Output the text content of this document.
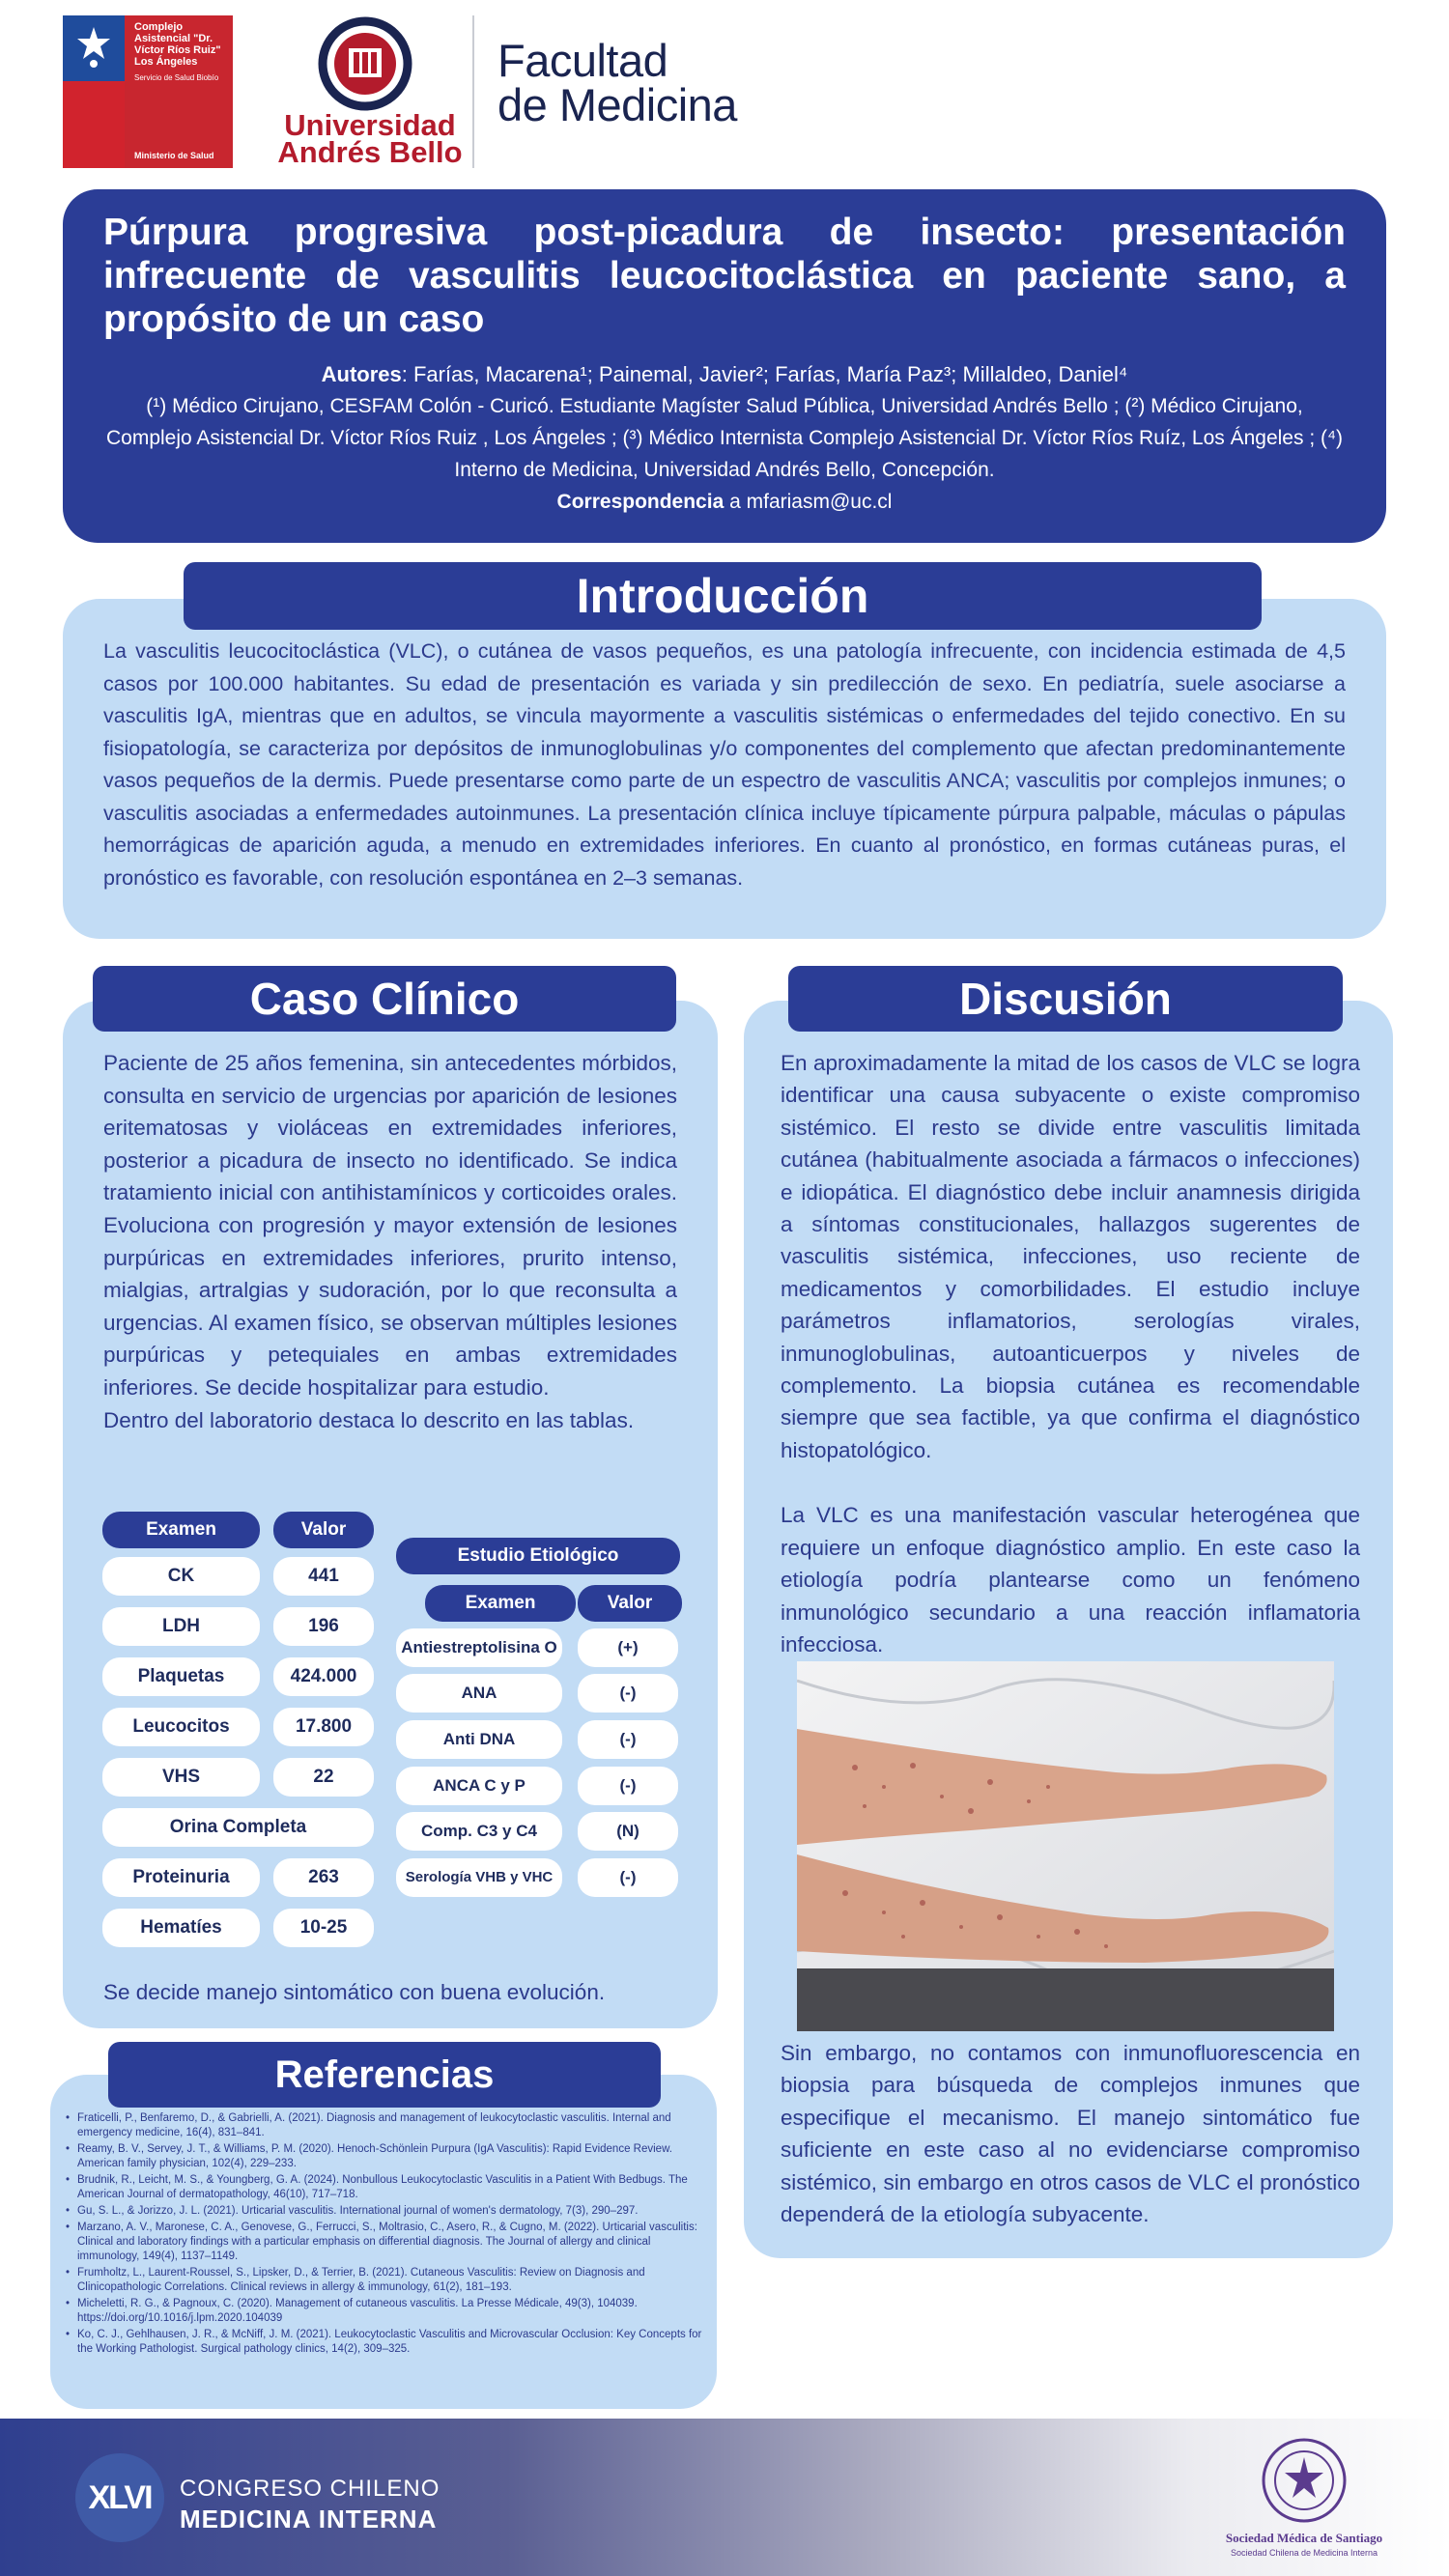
Complejo Asistencial "Dr. Víctor Ríos Ruiz" Los Ángeles
Servicio de Salud Biobío
Ministerio de Salud
Universidad
Andrés Bello
Facultad
de Medicina
Púrpura progresiva post-picadura de insecto: presentación infrecuente de vasculitis leucocitoclástica en paciente sano, a propósito de un caso
Autores: Farías, Macarena¹; Painemal, Javier²; Farías, María Paz³; Millaldeo, Daniel⁴
(¹) Médico Cirujano, CESFAM Colón - Curicó. Estudiante Magíster Salud Pública, Universidad Andrés Bello ; (²) Médico Cirujano, Complejo Asistencial Dr. Víctor Ríos Ruiz , Los Ángeles ; (³) Médico Internista Complejo Asistencial Dr. Víctor Ríos Ruíz, Los Ángeles ; (⁴) Interno de Medicina, Universidad Andrés Bello, Concepción.
Correspondencia a mfariasm@uc.cl

La vasculitis leucocitoclástica (VLC), o cutánea de vasos pequeños, es una patología infrecuente, con incidencia estimada de 4,5 casos por 100.000 habitantes. Su edad de presentación es variada y sin predilección de sexo. En pediatría, suele asociarse a vasculitis IgA, mientras que en adultos, se vincula mayormente a vasculitis sistémicas o enfermedades del tejido conectivo. En su fisiopatología, se caracteriza por depósitos de inmunoglobulinas y/o componentes del complemento que afectan predominantemente vasos pequeños de la dermis. Puede presentarse como parte de un espectro de vasculitis ANCA; vasculitis por complejos inmunes; o vasculitis asociadas a enfermedades autoinmunes. La presentación clínica incluye típicamente púrpura palpable, máculas o pápulas hemorrágicas de aparición aguda, a menudo en extremidades inferiores. En cuanto al pronóstico, en formas cutáneas puras, el pronóstico es favorable, con resolución espontánea en 2–3 semanas.

Introducción

Paciente de 25 años femenina, sin antecedentes mórbidos, consulta en servicio de urgencias por aparición de lesiones eritematosas y violáceas en extremidades inferiores, posterior a picadura de insecto no identificado. Se indica tratamiento inicial con antihistamínicos y corticoides orales. Evoluciona con progresión y mayor extensión de lesiones purpúricas en extremidades inferiores, prurito intenso, mialgias, artralgias y sudoración, por lo que reconsulta a urgencias. Al examen físico, se observan múltiples lesiones purpúricas y petequiales en ambas extremidades inferiores. Se decide hospitalizar para estudio.

Dentro del laboratorio destaca lo descrito en las tablas.

Caso Clínico
Examen	Valor
CK	441
LDH	196
Plaquetas	424.000
Leucocitos	17.800
VHS	22
Orina Completa
Proteinuria	263
Hematíes	10-25
Estudio Etiológico
Examen	Valor
Antiestreptolisina O	(+)
ANA	(-)
Anti DNA	(-)
ANCA C y P	(-)
Comp. C3 y C4	(N)
Serología VHB y VHC	(-)

Se decide manejo sintomático con buena evolución.

En aproximadamente la mitad de los casos de VLC se logra identificar una causa subyacente o existe compromiso sistémico. El resto se divide entre vasculitis limitada cutánea (habitualmente asociada a fármacos o infecciones) e idiopática. El diagnóstico debe incluir anamnesis dirigida a síntomas constitucionales, hallazgos sugerentes de vasculitis sistémica, infecciones, uso reciente de medicamentos y comorbilidades. El estudio incluye parámetros inflamatorios, serologías virales, inmunoglobulinas, autoanticuerpos y niveles de complemento. La biopsia cutánea es recomendable siempre que sea factible, ya que confirma el diagnóstico histopatológico.

La VLC es una manifestación vascular heterogénea que requiere un enfoque diagnóstico amplio. En este caso la etiología podría plantearse como un fenómeno inmunológico secundario a una reacción inflamatoria infecciosa.

Sin embargo, no contamos con inmunofluorescencia en biopsia para búsqueda de complejos inmunes que especifique el mecanismo. El manejo sintomático fue suficiente en este caso al no evidenciarse compromiso sistémico, sin embargo en otros casos de VLC el pronóstico dependerá de la etiología subyacente.

Discusión
• Fraticelli, P., Benfaremo, D., & Gabrielli, A. (2021). Diagnosis and management of leukocytoclastic vasculitis. Internal and emergency medicine, 16(4), 831–841.
• Reamy, B. V., Servey, J. T., & Williams, P. M. (2020). Henoch-Schönlein Purpura (IgA Vasculitis): Rapid Evidence Review. American family physician, 102(4), 229–233.
• Brudnik, R., Leicht, M. S., & Youngberg, G. A. (2024). Nonbullous Leukocytoclastic Vasculitis in a Patient With Bedbugs. The American Journal of dermatopathology, 46(10), 717–718.
• Gu, S. L., & Jorizzo, J. L. (2021). Urticarial vasculitis. International journal of women's dermatology, 7(3), 290–297.
• Marzano, A. V., Maronese, C. A., Genovese, G., Ferrucci, S., Moltrasio, C., Asero, R., & Cugno, M. (2022). Urticarial vasculitis: Clinical and laboratory findings with a particular emphasis on differential diagnosis. The Journal of allergy and clinical immunology, 149(4), 1137–1149.
• Frumholtz, L., Laurent-Roussel, S., Lipsker, D., & Terrier, B. (2021). Cutaneous Vasculitis: Review on Diagnosis and Clinicopathologic Correlations. Clinical reviews in allergy & immunology, 61(2), 181–193.
• Micheletti, R. G., & Pagnoux, C. (2020). Management of cutaneous vasculitis. La Presse Médicale, 49(3), 104039. https://doi.org/10.1016/j.lpm.2020.104039
• Ko, C. J., Gehlhausen, J. R., & McNiff, J. M. (2021). Leukocytoclastic Vasculitis and Microvascular Occlusion: Key Concepts for the Working Pathologist. Surgical pathology clinics, 14(2), 309–325.
Referencias
XLVI	CONGRESO CHILENO
MEDICINA INTERNA
Sociedad Médica de Santiago
Sociedad Chilena de Medicina Interna
